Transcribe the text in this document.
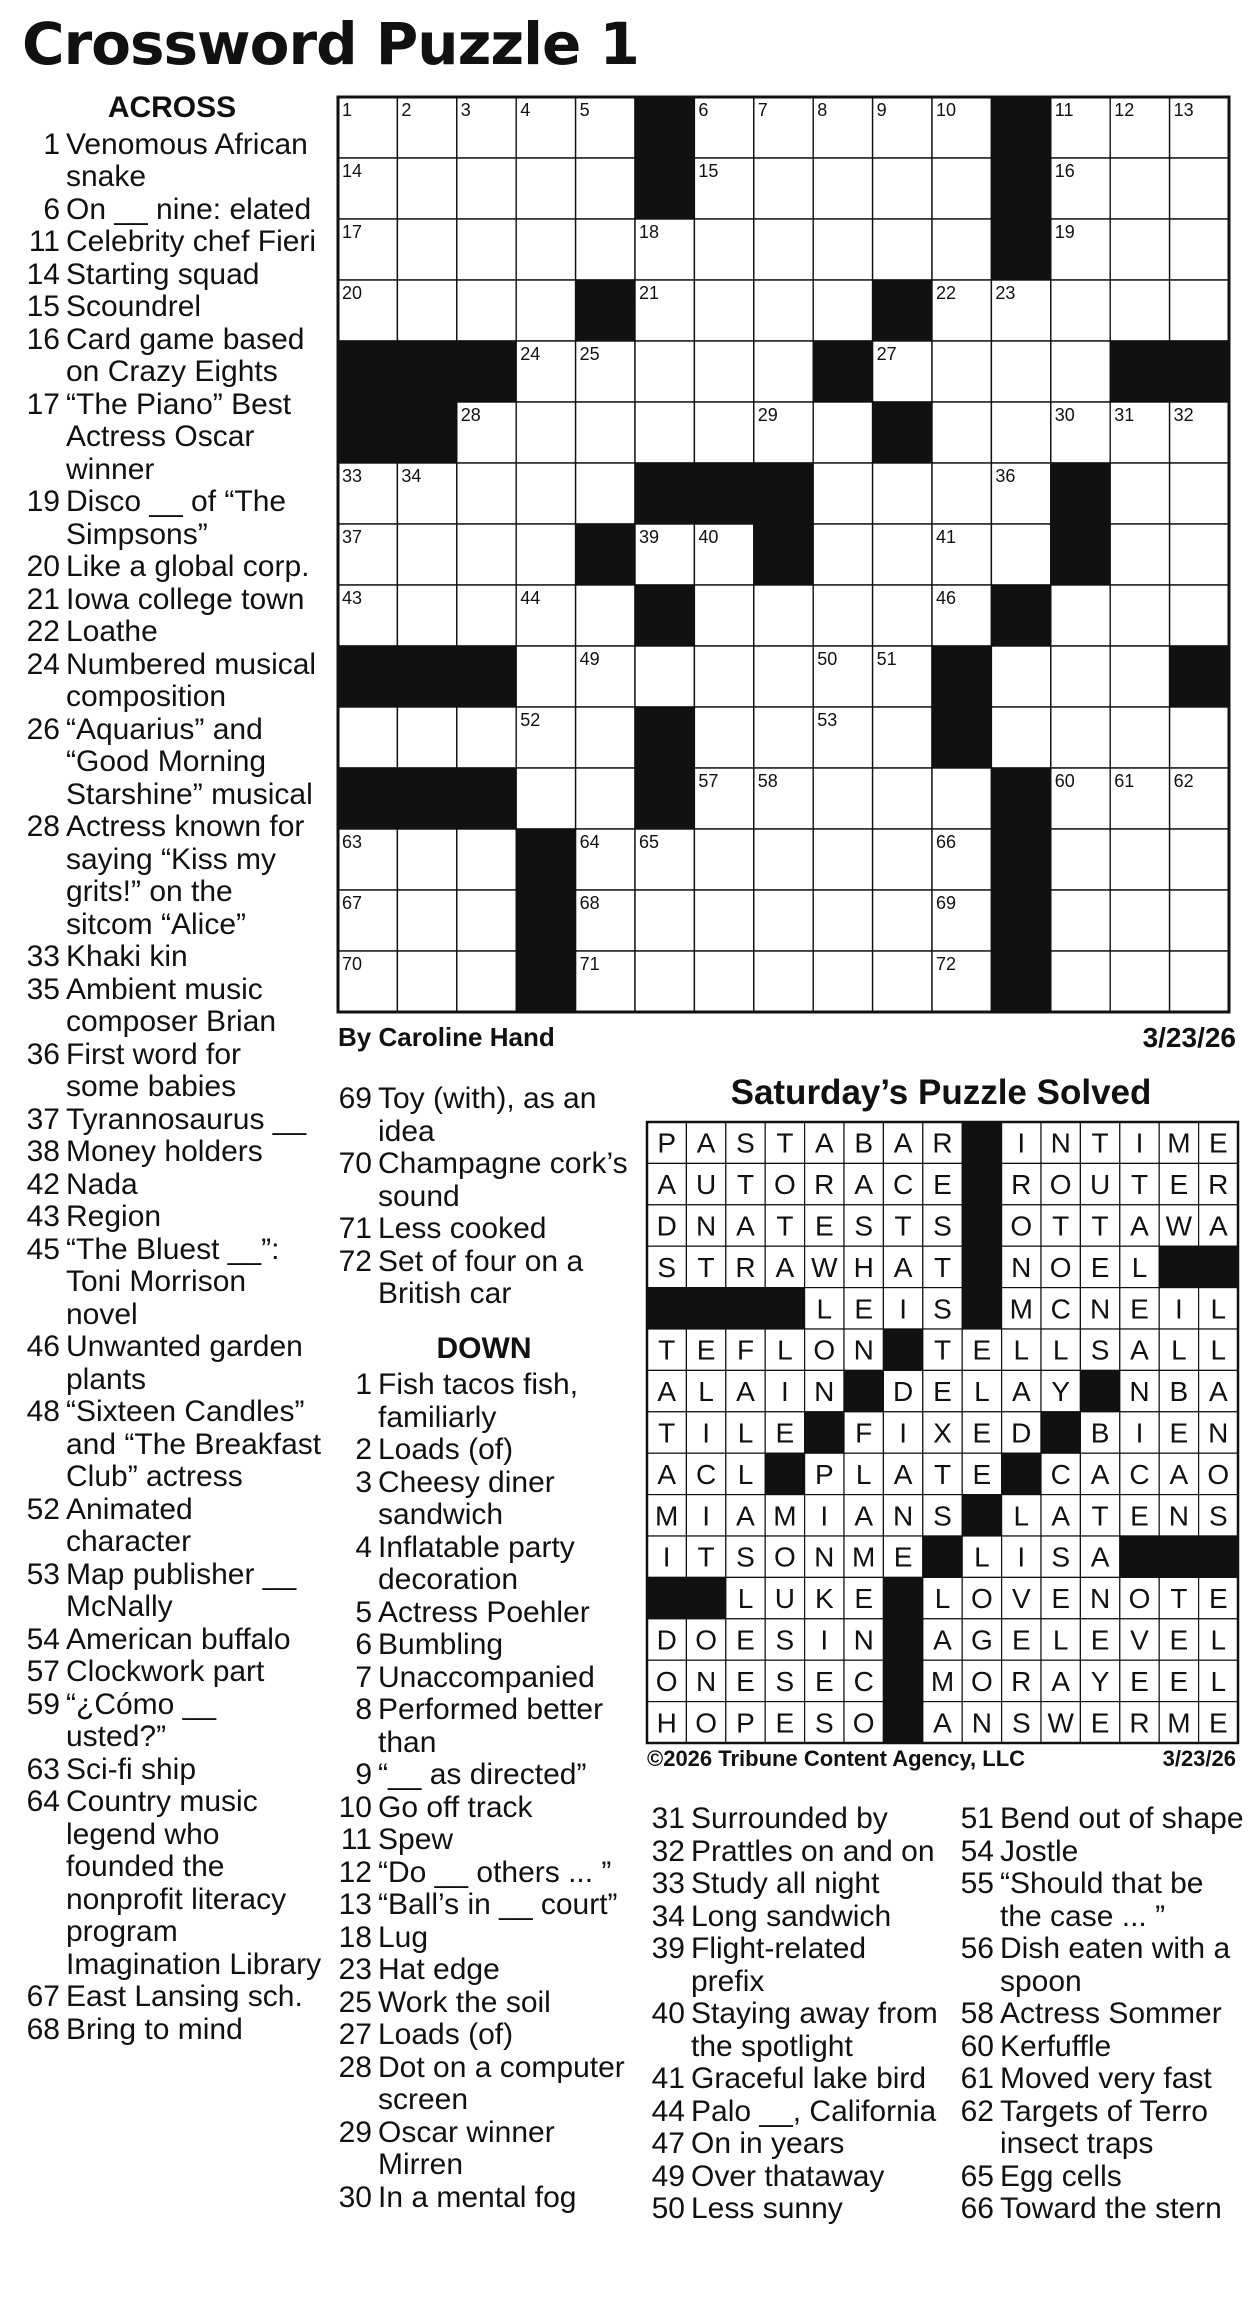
Crossword Puzzle 1
1	2	3	4	5	6	7	8	9	10	11 12 13
14	15	16
17	18	19
20	21	22 23
24 25	27
28	29	30 31 32
33 34	36
37	39 40	41
43	44	46
49	50 51
52	53
57 58	60 61 62
63	64 65	66
67	68	69
70	71	72
P A S T A B A R I N T I M E
A U T O R A C E R O U T E R
D N A T E S T S O T T A W A
S T R A W H A T N O E L
L E I S M C N E I L
T E F L O N T E L L S A L L
A L A I N D E L A Y N B A
T I L E F I X E D B I E N
A C L P L A T E C A C A O
M I A M I A N S L A T E N S
I T S O N M E L I S A
L U K E L O V E N O T E
D O E S I N A G E L E V E L
O N E S E C M O R A Y E E L
H O P E S O A N S W E R M E
ACROSS
1 Venomous African snake
6 On __ nine: elated
11 Celebrity chef Fieri
14 Starting squad
15 Scoundrel
16 Card game based on Crazy Eights
17 “The Piano” Best Actress Oscar winner
19 Disco __ of “The Simpsons”
20 Like a global corp.
21 Iowa college town
22 Loathe
24 Numbered musical composition
26 “Aquarius” and “Good Morning Starshine” musical
28 Actress known for saying “Kiss my grits!” on the sitcom “Alice”
33 Khaki kin
35 Ambient music composer Brian
36 First word for some babies
37 Tyrannosaurus __
38 Money holders
42 Nada
43 Region
45 “The Bluest __”: Toni Morrison novel
46 Unwanted garden plants
48 “Sixteen Candles” and “The Breakfast Club” actress
52 Animated character
53 Map publisher __ McNally
54 American buffalo
57 Clockwork part
59 “¿Cómo __ usted?”
63 Sci-fi ship
64 Country music legend who founded the nonprofit literacy program Imagination Library
67 East Lansing sch.
68 Bring to mind
By Caroline Hand	3/23/26
69 Toy (with), as an idea
70 Champagne cork’s sound
71 Less cooked
72 Set of four on a British car
DOWN
1 Fish tacos fish, familiarly
2 Loads (of)
3 Cheesy diner sandwich
4 Inflatable party decoration
5 Actress Poehler
6 Bumbling
7 Unaccompanied
8 Performed better than
9 “__ as directed”
10 Go off track
11 Spew
12 “Do __ others ... ”
13 “Ball’s in __ court”
18 Lug
23 Hat edge
25 Work the soil
27 Loads (of)
28 Dot on a computer screen
29 Oscar winner Mirren
30 In a mental fog
31 Surrounded by
32 Prattles on and on
33 Study all night
34 Long sandwich
39 Flight-related prefix
40 Staying away from the spotlight
41 Graceful lake bird
44 Palo __, California
47 On in years
49 Over thataway
50 Less sunny
51 Bend out of shape
54 Jostle
55 “Should that be the case ... ”
56 Dish eaten with a spoon
58 Actress Sommer
60 Kerfuffle
61 Moved very fast
62 Targets of Terro insect traps
65 Egg cells
66 Toward the stern
Saturday’s Puzzle Solved
©2026 Tribune Content Agency, LLC	3/23/26
